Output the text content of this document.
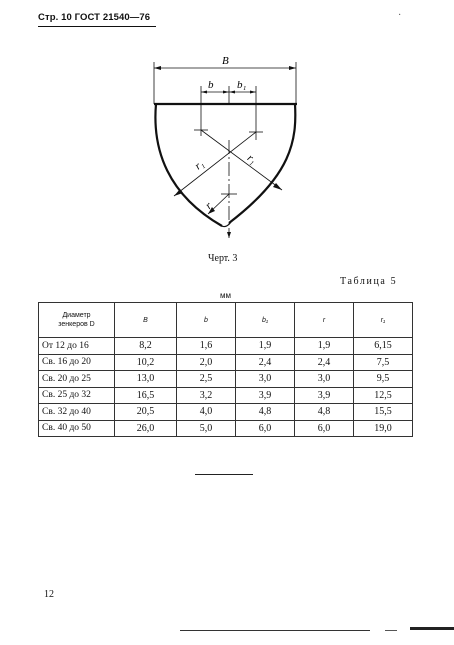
Стр. 10 ГОСТ 21540—76	·
B
b b₁
r₁	r₁
r
Черт. 3
Таблица 5
мм
Диаметр
зенкеров D	B	b	b₁	r	r₁
От 12 до 16	8,2	1,6	1,9	1,9	6,15
Св. 16 до 20	10,2	2,0	2,4	2,4	7,5
Св. 20 до 25	13,0	2,5	3,0	3,0	9,5
Св. 25 до 32	16,5	3,2	3,9	3,9	12,5
Св. 32 до 40	20,5	4,0	4,8	4,8	15,5
Св. 40 до 50	26,0	5,0	6,0	6,0	19,0
12
